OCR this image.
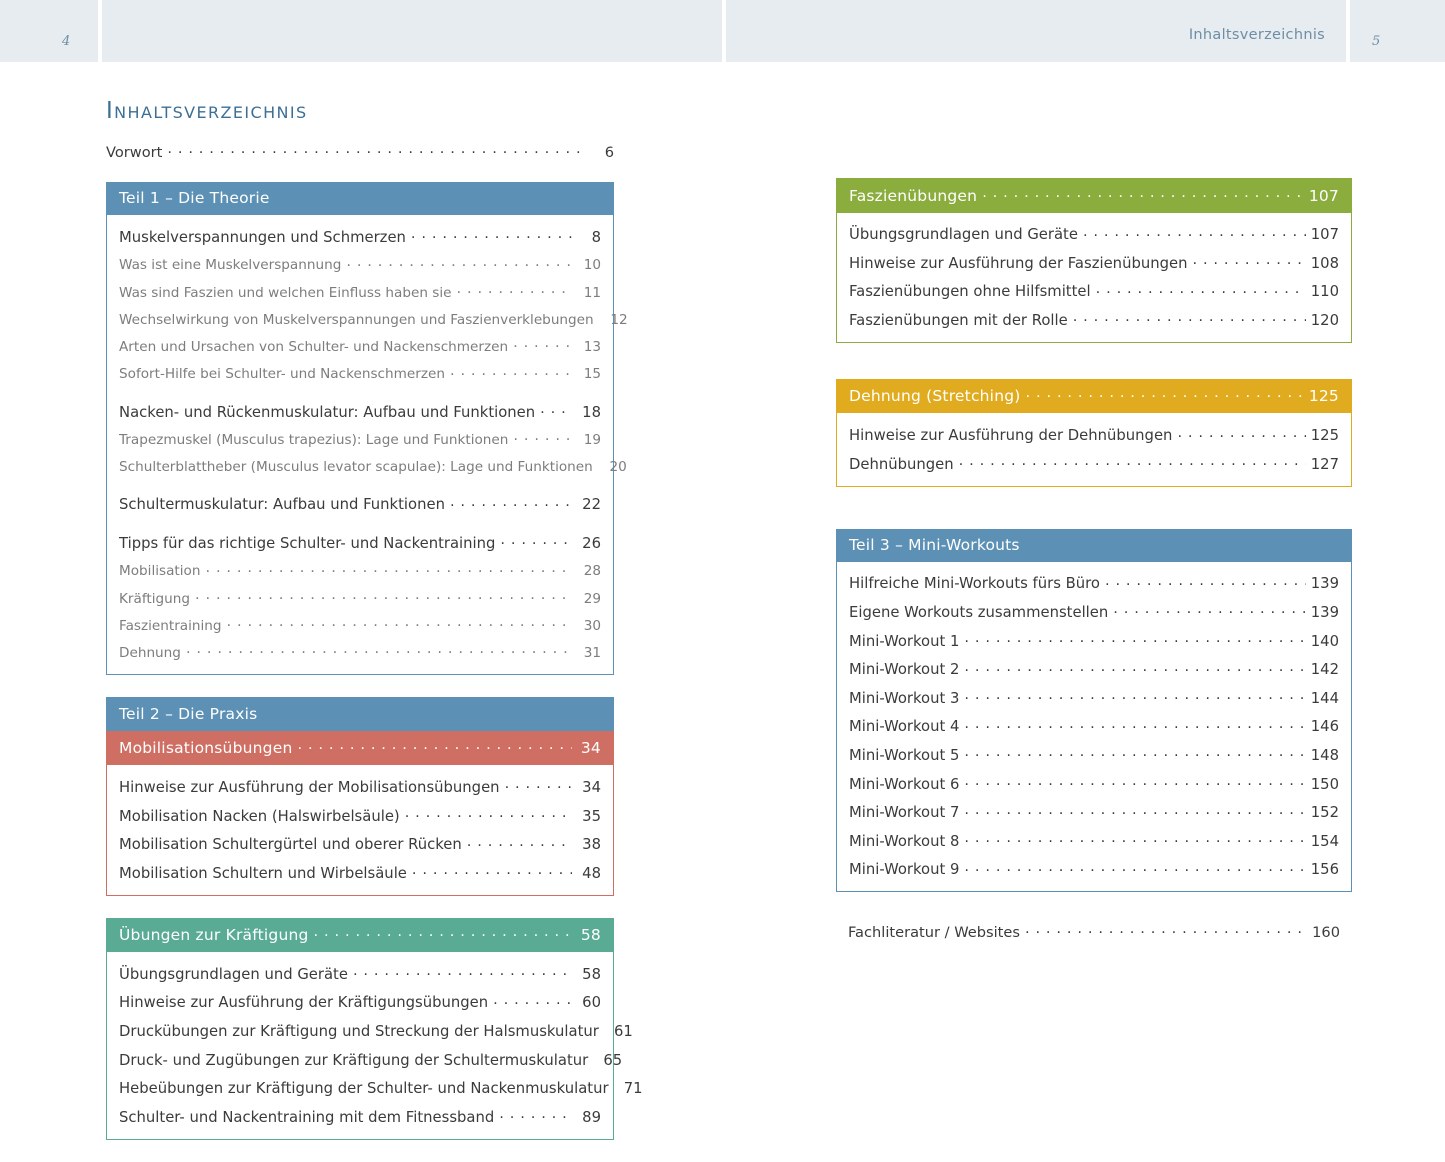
4	5
Inhaltsverzeichnis
Inhaltsverzeichnis
Vorwort . . .	6
Teil 1 – Die Theorie
Muskelverspannungen und Schmerzen . . .	8
Was ist eine Muskelverspannung . . .	10
Was sind Faszien und welchen Einfluss haben sie . . .	11
Wechselwirkung von Muskelverspannungen und Faszienverklebungen	12
Arten und Ursachen von Schulter- und Nackenschmerzen . . .	13
Sofort-Hilfe bei Schulter- und Nackenschmerzen . . .	15
Nacken- und Rückenmuskulatur: Aufbau und Funktionen . . .	18
Trapezmuskel (Musculus trapezius): Lage und Funktionen . . .	19
Schulterblattheber (Musculus levator scapulae): Lage und Funktionen	20
Schultermuskulatur: Aufbau und Funktionen . . .	22
Tipps für das richtige Schulter- und Nackentraining . . .	26
Mobilisation . . .	28
Kräftigung . . .	29
Faszientraining . . .	30
Dehnung . . .	31
Teil 2 – Die Praxis
Mobilisationsübungen . . .	34
Hinweise zur Ausführung der Mobilisationsübungen . . .	34
Mobilisation Nacken (Halswirbelsäule) . . .	35
Mobilisation Schultergürtel und oberer Rücken . . .	38
Mobilisation Schultern und Wirbelsäule . . .	48
Übungen zur Kräftigung . . .	58
Übungsgrundlagen und Geräte . . .	58
Hinweise zur Ausführung der Kräftigungsübungen . . .	60
Druckübungen zur Kräftigung und Streckung der Halsmuskulatur	61
Druck- und Zugübungen zur Kräftigung der Schultermuskulatur	65
Hebeübungen zur Kräftigung der Schulter- und Nackenmuskulatur	71
Schulter- und Nackentraining mit dem Fitnessband . . .	89
Faszienübungen . . .	107
Übungsgrundlagen und Geräte . . .	107
Hinweise zur Ausführung der Faszienübungen . . .	108
Faszienübungen ohne Hilfsmittel . . .	110
Faszienübungen mit der Rolle . . .	120
Dehnung (Stretching) . . .	125
Hinweise zur Ausführung der Dehnübungen . . .	125
Dehnübungen . . .	127
Teil 3 – Mini-Workouts
Hilfreiche Mini-Workouts fürs Büro . . .	139
Eigene Workouts zusammenstellen . . .	139
Mini-Workout 1 . . .	140
Mini-Workout 2 . . .	142
Mini-Workout 3 . . .	144
Mini-Workout 4 . . .	146
Mini-Workout 5 . . .	148
Mini-Workout 6 . . .	150
Mini-Workout 7 . . .	152
Mini-Workout 8 . . .	154
Mini-Workout 9 . . .	156
Fachliteratur / Websites . . .	160
